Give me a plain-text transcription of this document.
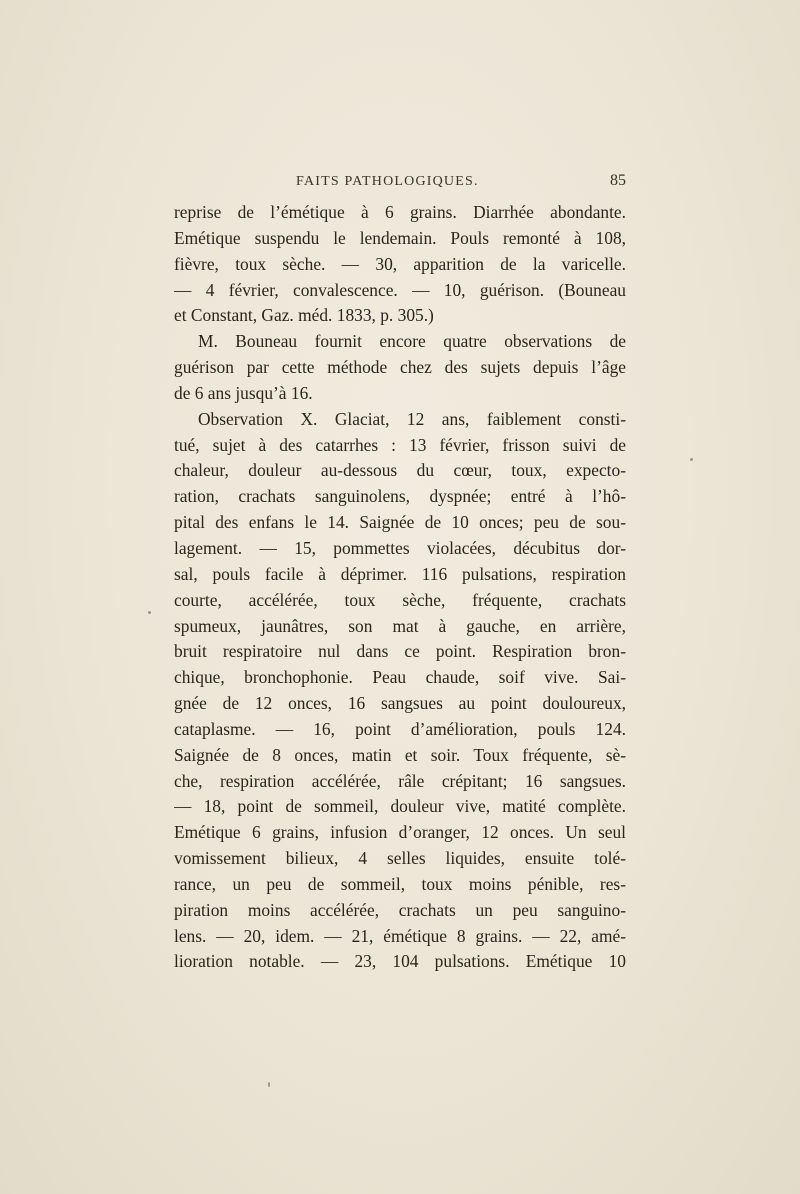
FAITS PATHOLOGIQUES.	85
reprise de l’émétique à 6 grains. Diarrhée abondante.
Emétique suspendu le lendemain. Pouls remonté à 108,
fièvre, toux sèche. — 30, apparition de la varicelle.
— 4 février, convalescence. — 10, guérison. (Bouneau
et Constant, Gaz. méd. 1833, p. 305.)
M. Bouneau fournit encore quatre observations de
guérison par cette méthode chez des sujets depuis l’âge
de 6 ans jusqu’à 16.
Observation X. Glaciat, 12 ans, faiblement consti-
tué, sujet à des catarrhes : 13 février, frisson suivi de
chaleur, douleur au-dessous du cœur, toux, expecto-
ration, crachats sanguinolens, dyspnée; entré à l’hô-
pital des enfans le 14. Saignée de 10 onces; peu de sou-
lagement. — 15, pommettes violacées, décubitus dor-
sal, pouls facile à déprimer. 116 pulsations, respiration
courte, accélérée, toux sèche, fréquente, crachats
spumeux, jaunâtres, son mat à gauche, en arrière,
bruit respiratoire nul dans ce point. Respiration bron-
chique, bronchophonie. Peau chaude, soif vive. Sai-
gnée de 12 onces, 16 sangsues au point douloureux,
cataplasme. — 16, point d’amélioration, pouls 124.
Saignée de 8 onces, matin et soir. Toux fréquente, sè-
che, respiration accélérée, râle crépitant; 16 sangsues.
— 18, point de sommeil, douleur vive, matité complète.
Emétique 6 grains, infusion d’oranger, 12 onces. Un seul
vomissement bilieux, 4 selles liquides, ensuite tolé-
rance, un peu de sommeil, toux moins pénible, res-
piration moins accélérée, crachats un peu sanguino-
lens. — 20, idem. — 21, émétique 8 grains. — 22, amé-
lioration notable. — 23, 104 pulsations. Emétique 10
